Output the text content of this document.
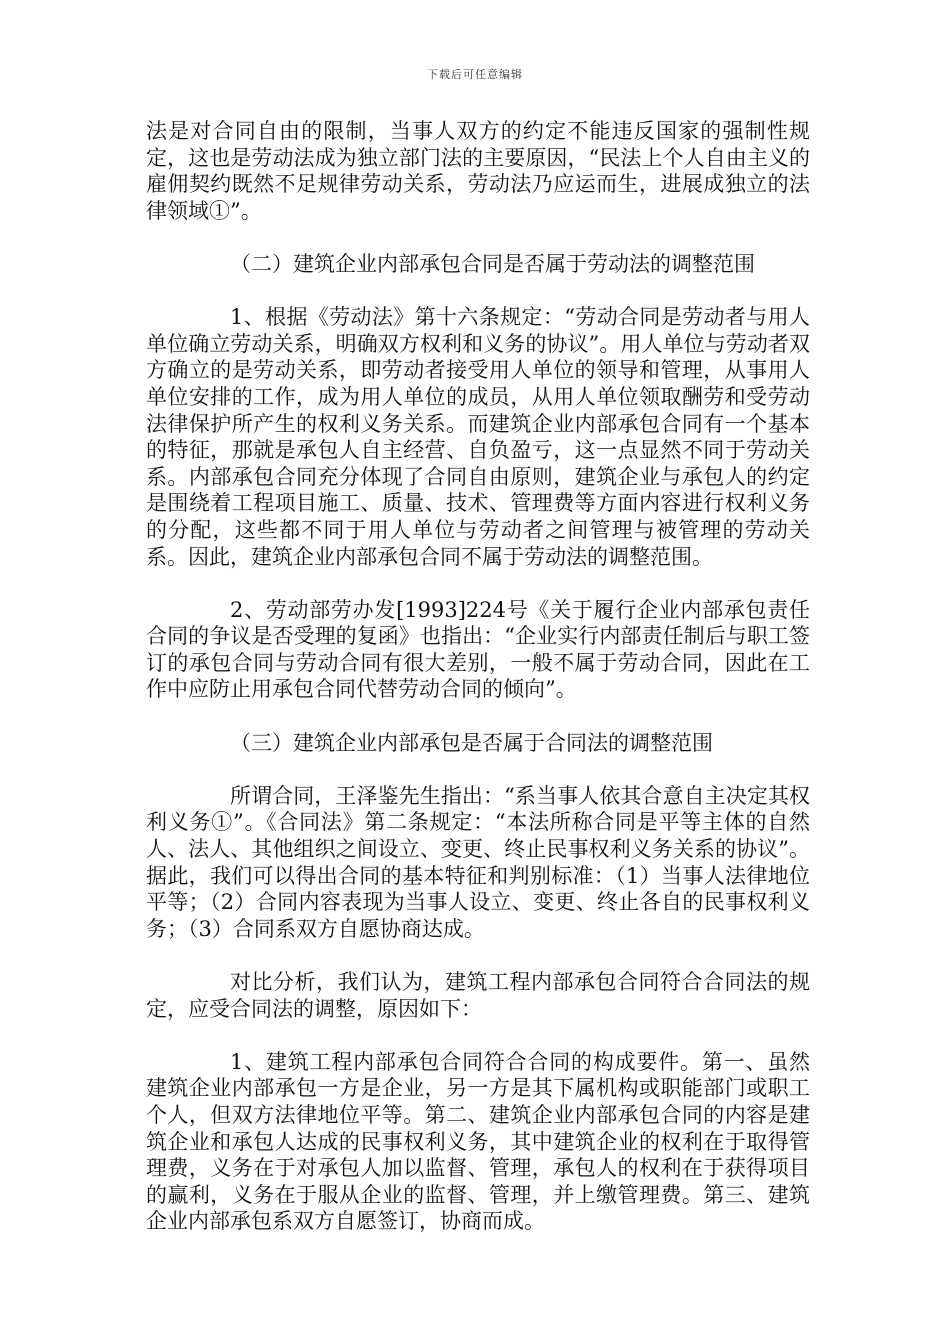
下载后可任意编辑

法是对合同自由的限制，当事人双方的约定不能违反国家的强制性规定，这也是劳动法成为独立部门法的主要原因，“民法上个人自由主义的雇佣契约既然不足规律劳动关系，劳动法乃应运而生，进展成独立的法律领域①”。

（二）建筑企业内部承包合同是否属于劳动法的调整范围

1、根据《劳动法》第十六条规定：“劳动合同是劳动者与用人单位确立劳动关系，明确双方权利和义务的协议”。用人单位与劳动者双方确立的是劳动关系，即劳动者接受用人单位的领导和管理，从事用人单位安排的工作，成为用人单位的成员，从用人单位领取酬劳和受劳动法律保护所产生的权利义务关系。而建筑企业内部承包合同有一个基本的特征，那就是承包人自主经营、自负盈亏，这一点显然不同于劳动关系。内部承包合同充分体现了合同自由原则，建筑企业与承包人的约定是围绕着工程项目施工、质量、技术、管理费等方面内容进行权利义务的分配，这些都不同于用人单位与劳动者之间管理与被管理的劳动关系。因此，建筑企业内部承包合同不属于劳动法的调整范围。

2、劳动部劳办发[1993]224号《关于履行企业内部承包责任合同的争议是否受理的复函》也指出：“企业实行内部责任制后与职工签订的承包合同与劳动合同有很大差别，一般不属于劳动合同，因此在工作中应防止用承包合同代替劳动合同的倾向”。

（三）建筑企业内部承包是否属于合同法的调整范围

所谓合同，王泽鉴先生指出：“系当事人依其合意自主决定其权利义务①”。《合同法》第二条规定：“本法所称合同是平等主体的自然人、法人、其他组织之间设立、变更、终止民事权利义务关系的协议”。据此，我们可以得出合同的基本特征和判别标准：（1）当事人法律地位平等；（2）合同内容表现为当事人设立、变更、终止各自的民事权利义务；（3）合同系双方自愿协商达成。

对比分析，我们认为，建筑工程内部承包合同符合合同法的规定，应受合同法的调整，原因如下：

1、建筑工程内部承包合同符合合同的构成要件。第一、虽然建筑企业内部承包一方是企业，另一方是其下属机构或职能部门或职工个人，但双方法律地位平等。第二、建筑企业内部承包合同的内容是建筑企业和承包人达成的民事权利义务，其中建筑企业的权利在于取得管理费，义务在于对承包人加以监督、管理，承包人的权利在于获得项目的赢利，义务在于服从企业的监督、管理，并上缴管理费。第三、建筑企业内部承包系双方自愿签订，协商而成。
